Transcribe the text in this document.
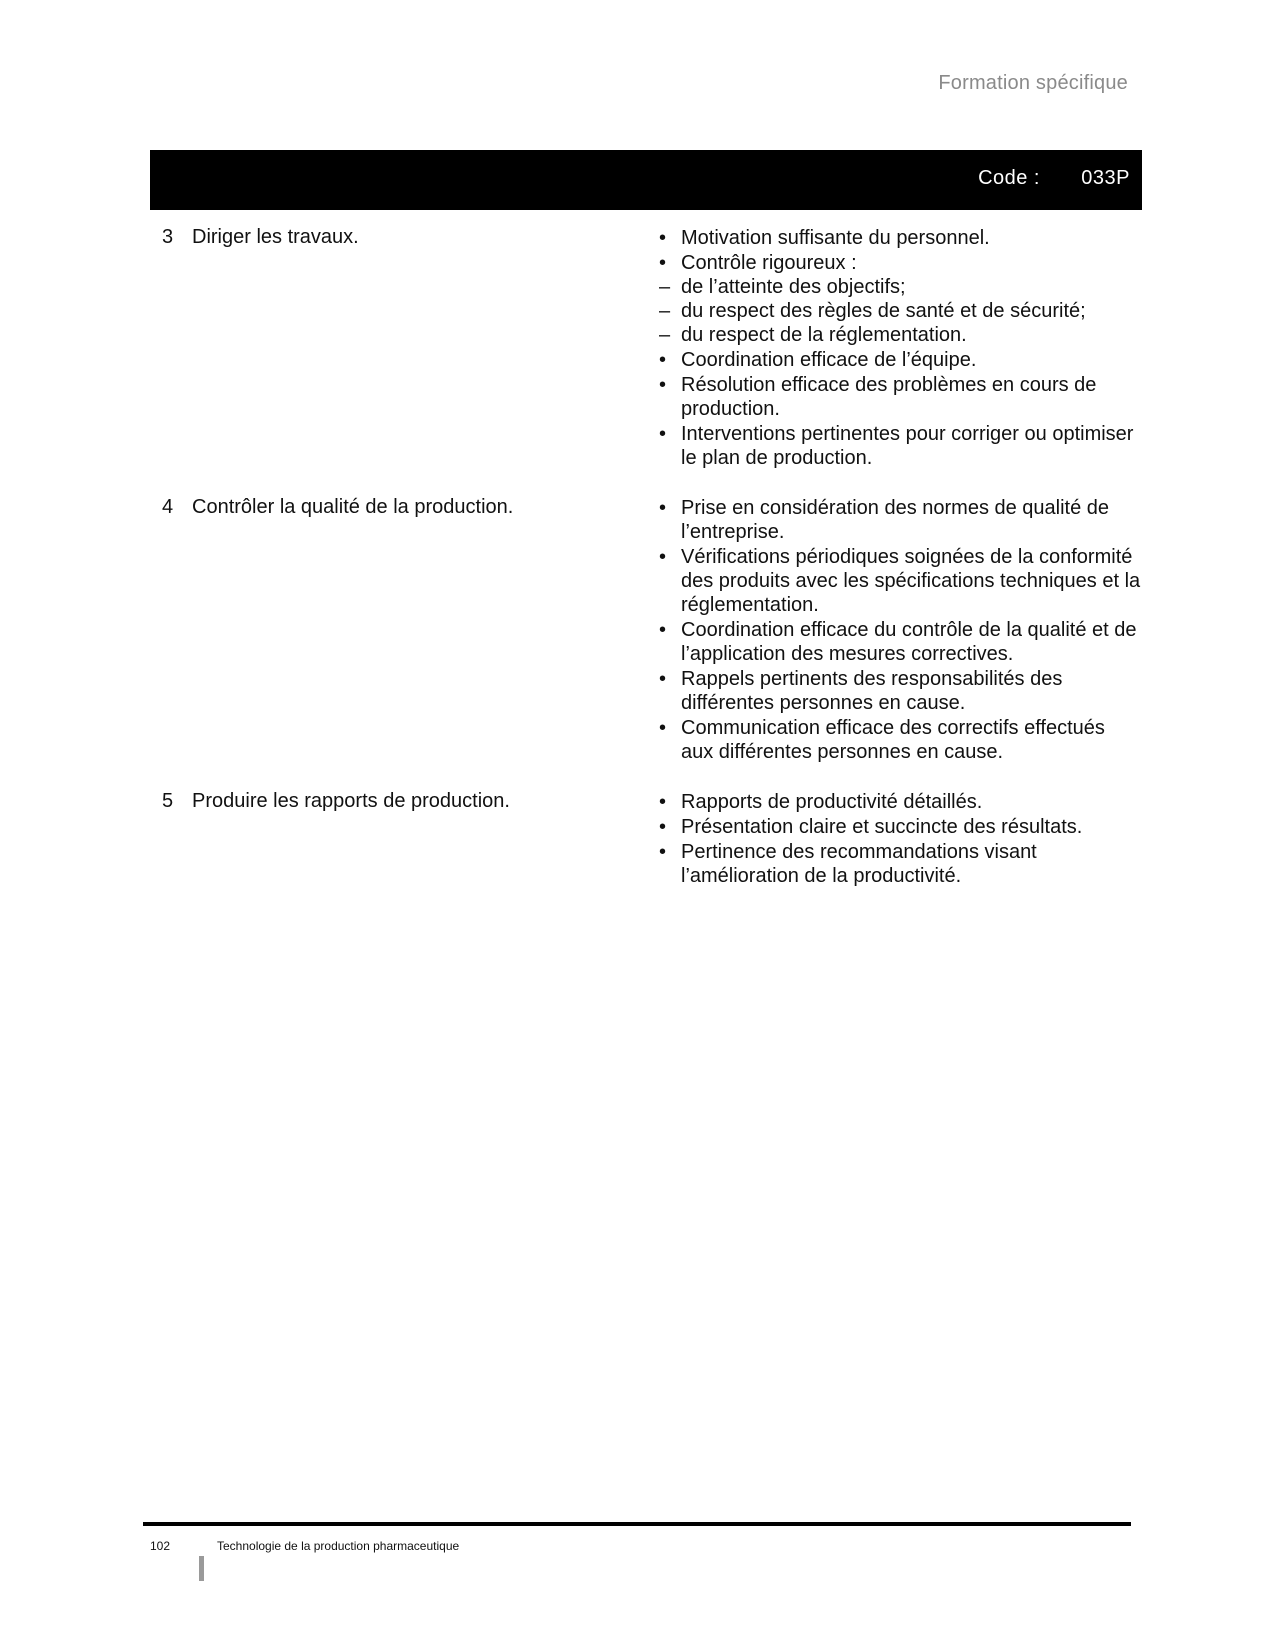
Formation spécifique
Code : 033P
3 Diriger les travaux.	• Motivation suffisante du personnel.
• Contrôle rigoureux :
– de l’atteinte des objectifs;
– du respect des règles de santé et de sécurité;
– du respect de la réglementation.
• Coordination efficace de l’équipe.
• Résolution efficace des problèmes en cours de production.
• Interventions pertinentes pour corriger ou optimiser le plan de production.
4 Contrôler la qualité de la production.	• Prise en considération des normes de qualité de l’entreprise.
• Vérifications périodiques soignées de la conformité des produits avec les spécifications techniques et la réglementation.
• Coordination efficace du contrôle de la qualité et de l’application des mesures correctives.
• Rappels pertinents des responsabilités des différentes personnes en cause.
• Communication efficace des correctifs effectués aux différentes personnes en cause.
5 Produire les rapports de production.	• Rapports de productivité détaillés.
• Présentation claire et succincte des résultats.
• Pertinence des recommandations visant l’amélioration de la productivité.
102	Technologie de la production pharmaceutique
